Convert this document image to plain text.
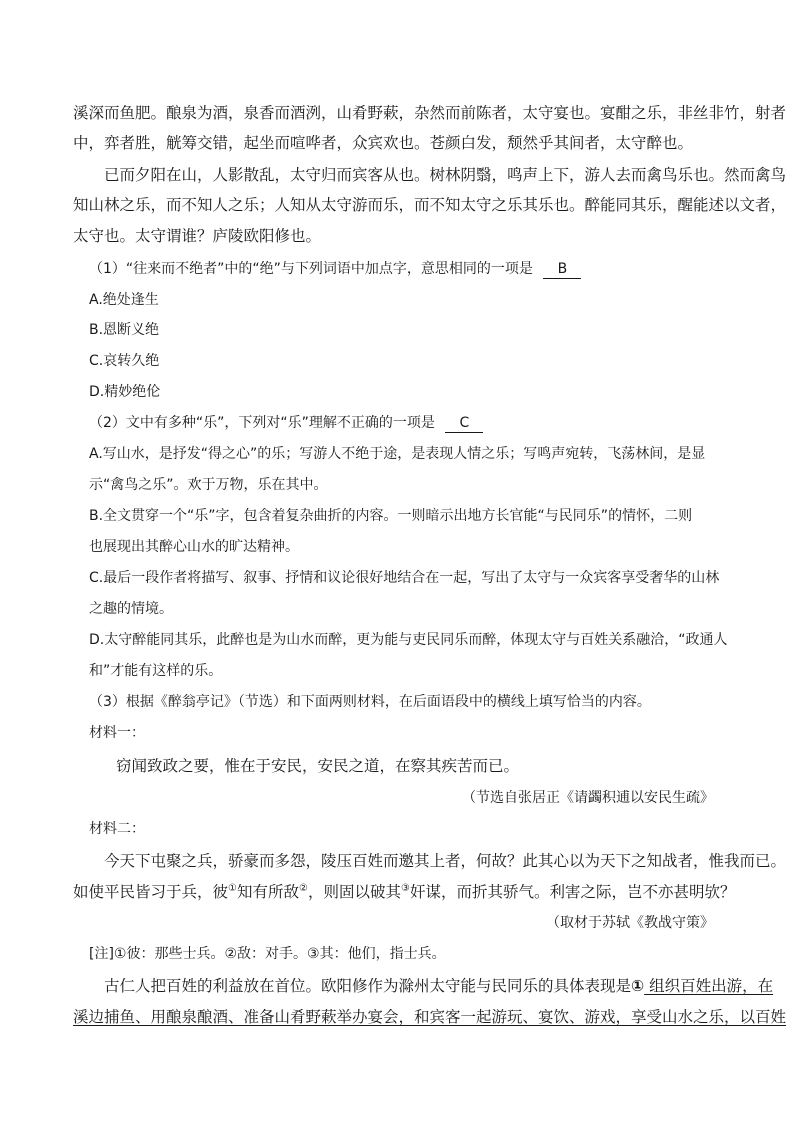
溪深而鱼肥。酿泉为酒，泉香而酒洌，山肴野蔌，杂然而前陈者，太守宴也。宴酣之乐，非丝非竹，射者
中，弈者胜，觥筹交错，起坐而喧哗者，众宾欢也。苍颜白发，颓然乎其间者，太守醉也。
已而夕阳在山，人影散乱，太守归而宾客从也。树林阴翳，鸣声上下，游人去而禽鸟乐也。然而禽鸟
知山林之乐，而不知人之乐；人知从太守游而乐，而不知太守之乐其乐也。醉能同其乐，醒能述以文者，
太守也。太守谓谁？庐陵欧阳修也。
（1）“往来而不绝者”中的“绝”与下列词语中加点字，意思相同的一项是 B
A.绝处逢生
B.恩断义绝
C.哀转久绝
D.精妙绝伦
（2）文中有多种“乐”，下列对“乐”理解不正确的一项是 C
A.写山水，是抒发“得之心”的乐；写游人不绝于途，是表现人情之乐；写鸣声宛转，飞荡林间，是显
示“禽鸟之乐”。欢于万物，乐在其中。
B.全文贯穿一个“乐”字，包含着复杂曲折的内容。一则暗示出地方长官能“与民同乐”的情怀，二则
也展现出其醉心山水的旷达精神。
C.最后一段作者将描写、叙事、抒情和议论很好地结合在一起，写出了太守与一众宾客享受奢华的山林
之趣的情境。
D.太守醉能同其乐，此醉也是为山水而醉，更为能与吏民同乐而醉，体现太守与百姓关系融洽，“政通人
和”才能有这样的乐。
（3）根据《醉翁亭记》（节选）和下面两则材料，在后面语段中的横线上填写恰当的内容。
材料一：
窃闻致政之要，惟在于安民，安民之道，在察其疾苦而已。
（节选自张居正《请蠲积逋以安民生疏》
材料二：
今天下屯聚之兵，骄豪而多怨，陵压百姓而邀其上者，何故？此其心以为天下之知战者，惟我而已。
如使平民皆习于兵，彼①知有所敌②，则固以破其③奸谋，而折其骄气。利害之际，岂不亦甚明欤？
（取材于苏轼《教战守策》
[注]①彼：那些士兵。②敌：对手。③其：他们，指士兵。
古仁人把百姓的利益放在首位。欧阳修作为滁州太守能与民同乐的具体表现是① 组织百姓出游，在
溪边捕鱼、用酿泉酿酒、准备山肴野蔌举办宴会，和宾客一起游玩、宴饮、游戏，享受山水之乐，以百姓
